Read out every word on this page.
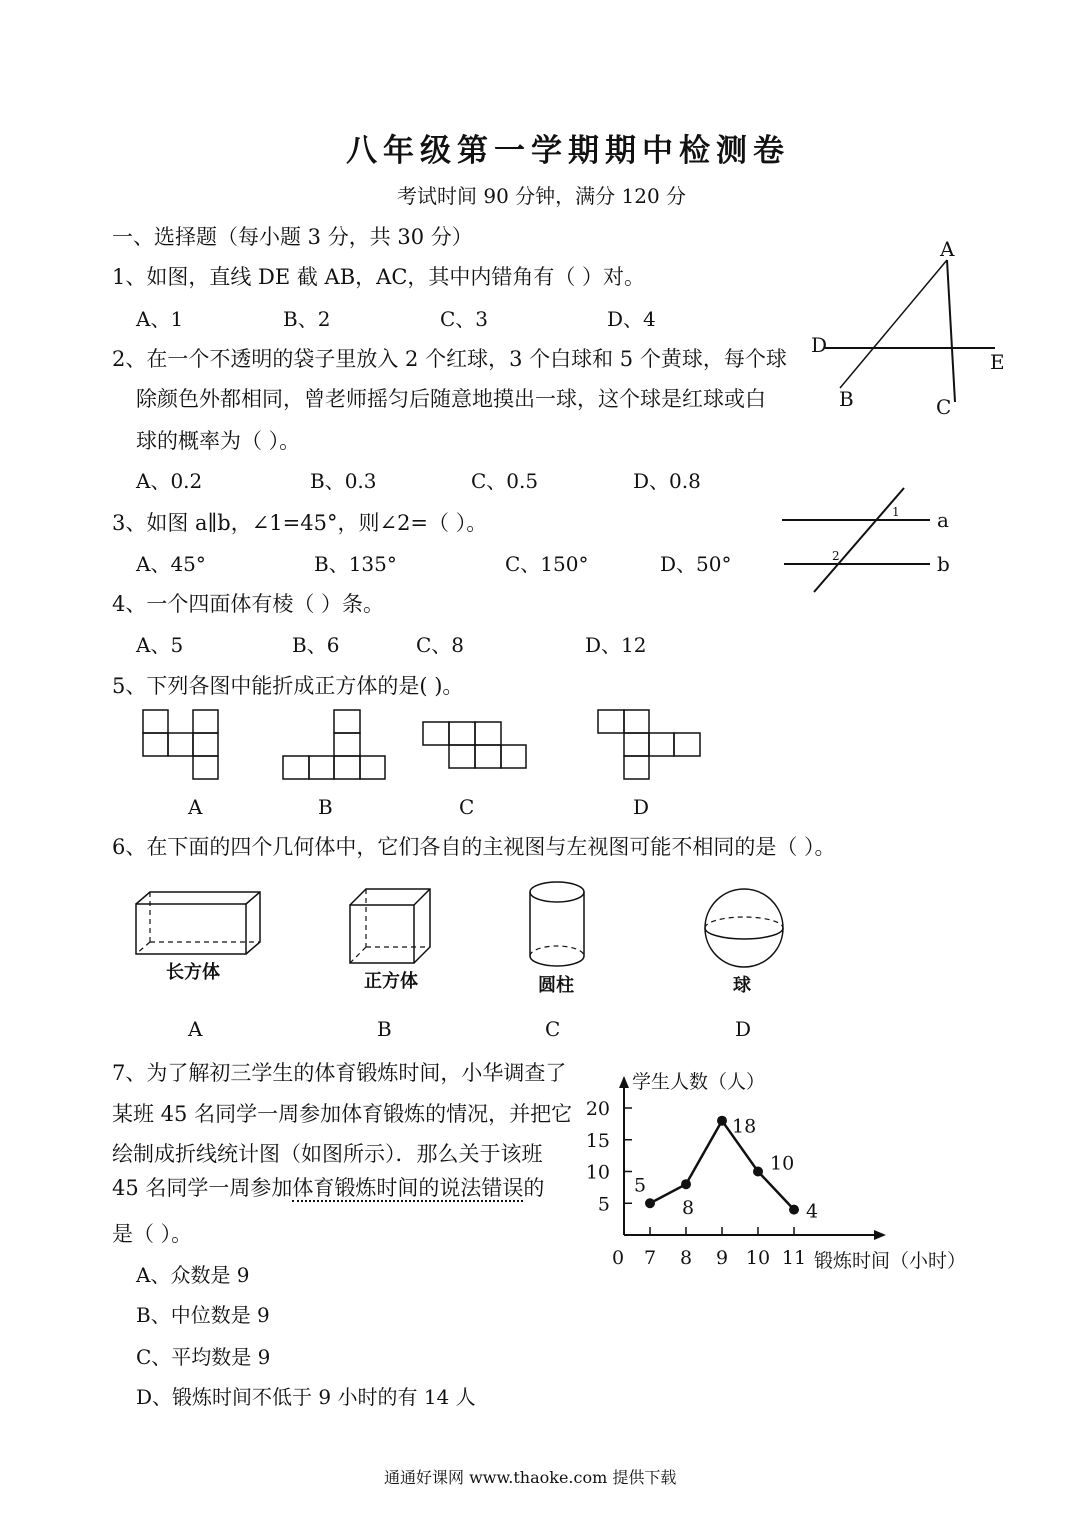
八年级第一学期期中检测卷
考试时间 90 分钟，满分 120 分
一、选择题（每小题 3 分，共 30 分）
1、如图，直线 DE 截 AB，AC，其中内错角有（ ）对。
A、1	B、2	C、3	D、4
A
D
E
B	C
2、在一个不透明的袋子里放入 2 个红球，3 个白球和 5 个黄球，每个球
除颜色外都相同，曾老师摇匀后随意地摸出一球，这个球是红球或白
球的概率为（ ）。
A、0.2	B、0.3	C、0.5	D、0.8
3、如图 a∥b，∠1=45°，则∠2=（ ）。
A、45°	B、135°	C、150°	D、50°
1
2
a
b
4、一个四面体有棱（ ）条。
A、5	B、6	C、8	D、12
5、下列各图中能折成正方体的是( )。
A	B	C	D
6、在下面的四个几何体中，它们各自的主视图与左视图可能不相同的是（ ）。
长方体	正方体	圆柱	球
A	B	C	D
7、为了解初三学生的体育锻炼时间，小华调查了
某班 45 名同学一周参加体育锻炼的情况，并把它
绘制成折线统计图（如图所示）．那么关于该班
45 名同学一周参加体育锻炼时间的说法错误的
是（ ）。
A、众数是 9
B、中位数是 9
C、平均数是 9
D、锻炼时间不低于 9 小时的有 14 人
5
10
15
20
0 7 8 9 10 11
5
8
18
10
4
学生人数（人）
锻炼时间（小时）
通通好课网 www.thaoke.com 提供下载
